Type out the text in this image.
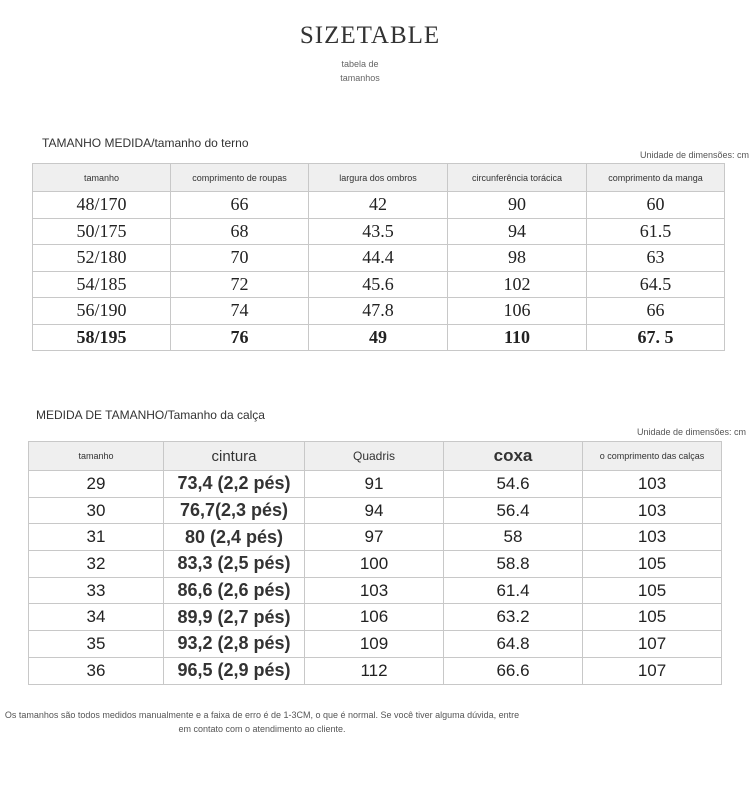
SIZETABLE
tabela de
tamanhos
TAMANHO MEDIDA/tamanho do terno
Unidade de dimensões: cm
tamanho	comprimento de roupas	largura dos ombros	circunferência torácica	comprimento da manga
48/170	66	42	90	60
50/175	68	43.5	94	61.5
52/180	70	44.4	98	63
54/185	72	45.6	102	64.5
56/190	74	47.8	106	66
58/195	76	49	110	67. 5
MEDIDA DE TAMANHO/Tamanho da calça
Unidade de dimensões: cm
tamanho	cintura	Quadris	coxa	o comprimento das calças
29	73,4 (2,2 pés)	91	54.6	103
30	76,7(2,3 pés)	94	56.4	103
31	80 (2,4 pés)	97	58	103
32	83,3 (2,5 pés)	100	58.8	105
33	86,6 (2,6 pés)	103	61.4	105
34	89,9 (2,7 pés)	106	63.2	105
35	93,2 (2,8 pés)	109	64.8	107
36	96,5 (2,9 pés)	112	66.6	107
Os tamanhos são todos medidos manualmente e a faixa de erro é de 1-3CM, o que é normal. Se você tiver alguma dúvida, entre
em contato com o atendimento ao cliente.
